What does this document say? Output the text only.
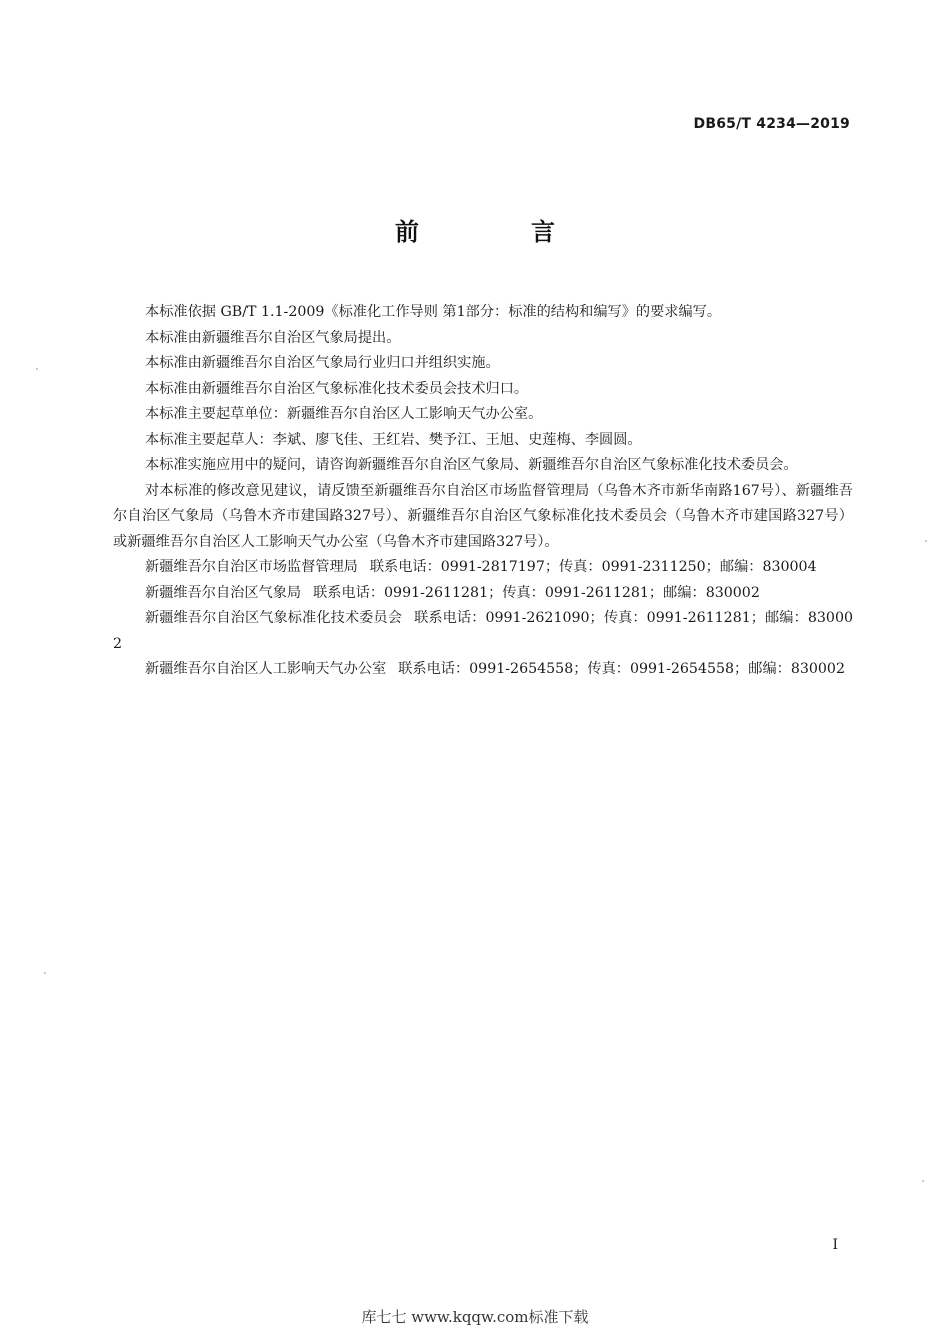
DB65/T 4234—2019
前　言

本标准依据 GB/T 1.1-2009《标准化工作导则 第1部分：标准的结构和编写》的要求编写。

本标准由新疆维吾尔自治区气象局提出。

本标准由新疆维吾尔自治区气象局行业归口并组织实施。

本标准由新疆维吾尔自治区气象标准化技术委员会技术归口。

本标准主要起草单位：新疆维吾尔自治区人工影响天气办公室。

本标准主要起草人：李斌、廖飞佳、王红岩、樊予江、王旭、史莲梅、李圆圆。

本标准实施应用中的疑问，请咨询新疆维吾尔自治区气象局、新疆维吾尔自治区气象标准化技术委员会。

对本标准的修改意见建议，请反馈至新疆维吾尔自治区市场监督管理局（乌鲁木齐市新华南路167号）、新疆维吾尔自治区气象局（乌鲁木齐市建国路327号）、新疆维吾尔自治区气象标准化技术委员会（乌鲁木齐市建国路327号）或新疆维吾尔自治区人工影响天气办公室（乌鲁木齐市建国路327号）。

新疆维吾尔自治区市场监督管理局 联系电话：0991-2817197；传真：0991-2311250；邮编：830004

新疆维吾尔自治区气象局 联系电话：0991-2611281；传真：0991-2611281；邮编：830002

新疆维吾尔自治区气象标准化技术委员会 联系电话：0991-2621090；传真：0991-2611281；邮编：830002

新疆维吾尔自治区人工影响天气办公室 联系电话：0991-2654558；传真：0991-2654558；邮编：830002

I
库七七 www.kqqw.com标准下载
